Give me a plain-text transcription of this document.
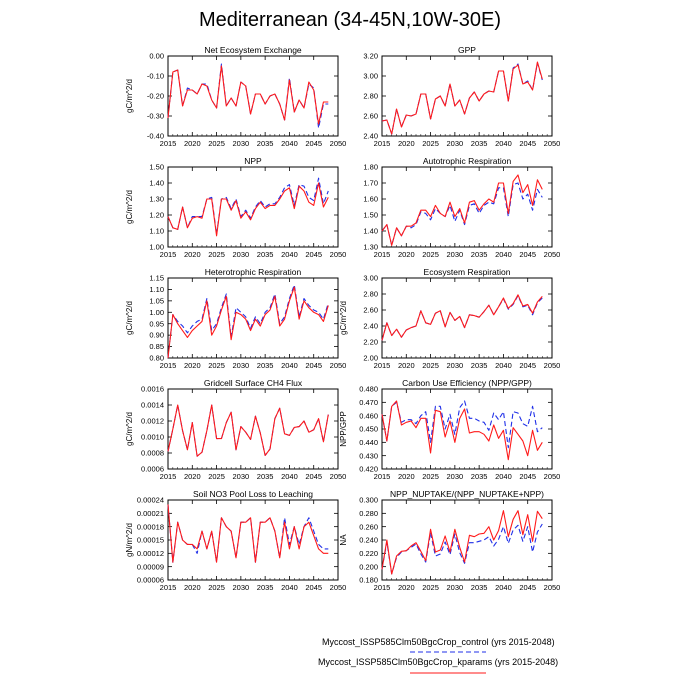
Mediterranean (34-45N,10W-30E)
Net Ecosystem Exchange
gC/m^2/d
2015 2020 2025 2030 2035 2040 2045 2050
-0.40
-0.30
-0.20
-0.10
0.00
GPP
2015 2020 2025 2030 2035 2040 2045 2050
2.40
2.60
2.80
3.00
3.20
NPP
gC/m^2/d
2015 2020 2025 2030 2035 2040 2045 2050
1.00
1.10
1.20
1.30
1.40
1.50
Autotrophic Respiration
2015 2020 2025 2030 2035 2040 2045 2050
1.30
1.40
1.50
1.60
1.70
1.80
Heterotrophic Respiration
gC/m^2/d
2015 2020 2025 2030 2035 2040 2045 2050
0.80
0.85
0.90
0.95
1.00
1.05
1.10
1.15
Ecosystem Respiration
gC/m^2/d
2015 2020 2025 2030 2035 2040 2045 2050
2.00
2.20
2.40
2.60
2.80
3.00
Gridcell Surface CH4 Flux
gC/m^2/d
2015 2020 2025 2030 2035 2040 2045 2050
0.0006
0.0008
0.0010
0.0012
0.0014
0.0016
Carbon Use Efficiency (NPP/GPP)
NPP/GPP
2015 2020 2025 2030 2035 2040 2045 2050
0.420
0.430
0.440
0.450
0.460
0.470
0.480
Soil NO3 Pool Loss to Leaching
gN/m^2/d
2015 2020 2025 2030 2035 2040 2045 2050
0.00006
0.00009
0.00012
0.00015
0.00018
0.00021
0.00024
NPP_NUPTAKE/(NPP_NUPTAKE+NPP)
NA
2015 2020 2025 2030 2035 2040 2045 2050
0.180
0.200
0.220
0.240
0.260
0.280
0.300
Myccost_ISSP585Clm50BgcCrop_control (yrs 2015-2048)
Myccost_ISSP585Clm50BgcCrop_kparams (yrs 2015-2048)
